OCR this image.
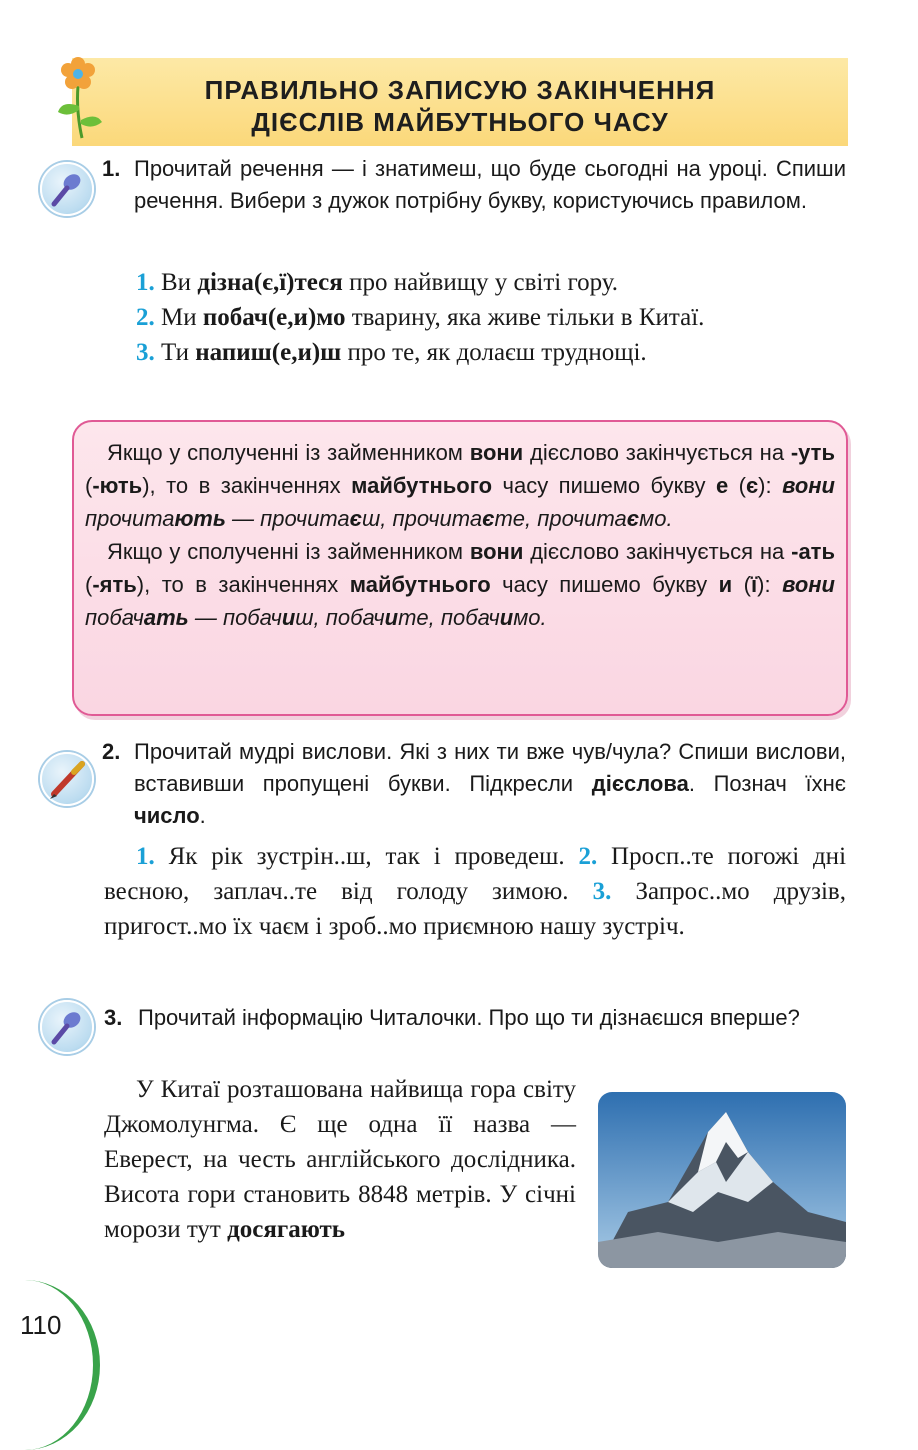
ПРАВИЛЬНО ЗАПИСУЮ ЗАКІНЧЕННЯ
ДІЄСЛІВ МАЙБУТНЬОГО ЧАСУ
1. Прочитай речення — і знатимеш, що буде сьогодні на уроці. Спиши речення. Вибери з дужок потрібну букву, користуючись правилом.
1. Ви дізна(є,ї)теся про найвищу у світі гору.
2. Ми побач(е,и)мо тварину, яка живе тільки в Китаї.
3. Ти напиш(е,и)ш про те, як долаєш труднощі.
Якщо у сполученні із займенником вони дієслово закінчується на -уть (-ють), то в закінченнях майбутнього часу пишемо букву е (є): вони прочитають — прочитаєш, прочитаєте, прочитаємо.
Якщо у сполученні із займенником вони дієслово закінчується на -ать (-ять), то в закінченнях майбутнього часу пишемо букву и (ї): вони побачать — побачиш, побачите, побачимо.
2. Прочитай мудрі вислови. Які з них ти вже чув/чула? Спиши вислови, вставивши пропущені букви. Підкресли дієслова. Познач їхнє число.
1. Як рік зустрін..ш, так і проведеш. 2. Просп..те погожі дні весною, заплач..те від голоду зимою. 3. Запрос..мо друзів, пригост..мо їх чаєм і зроб..мо приємною нашу зустріч.
3. Прочитай інформацію Читалочки. Про що ти дізнаєшся вперше?
У Китаї розташована найвища гора світу Джомолунгма. Є ще одна її назва — Еверест, на честь англійського дослідника. Висота гори становить 8848 метрів. У січні морози тут досягають
110
